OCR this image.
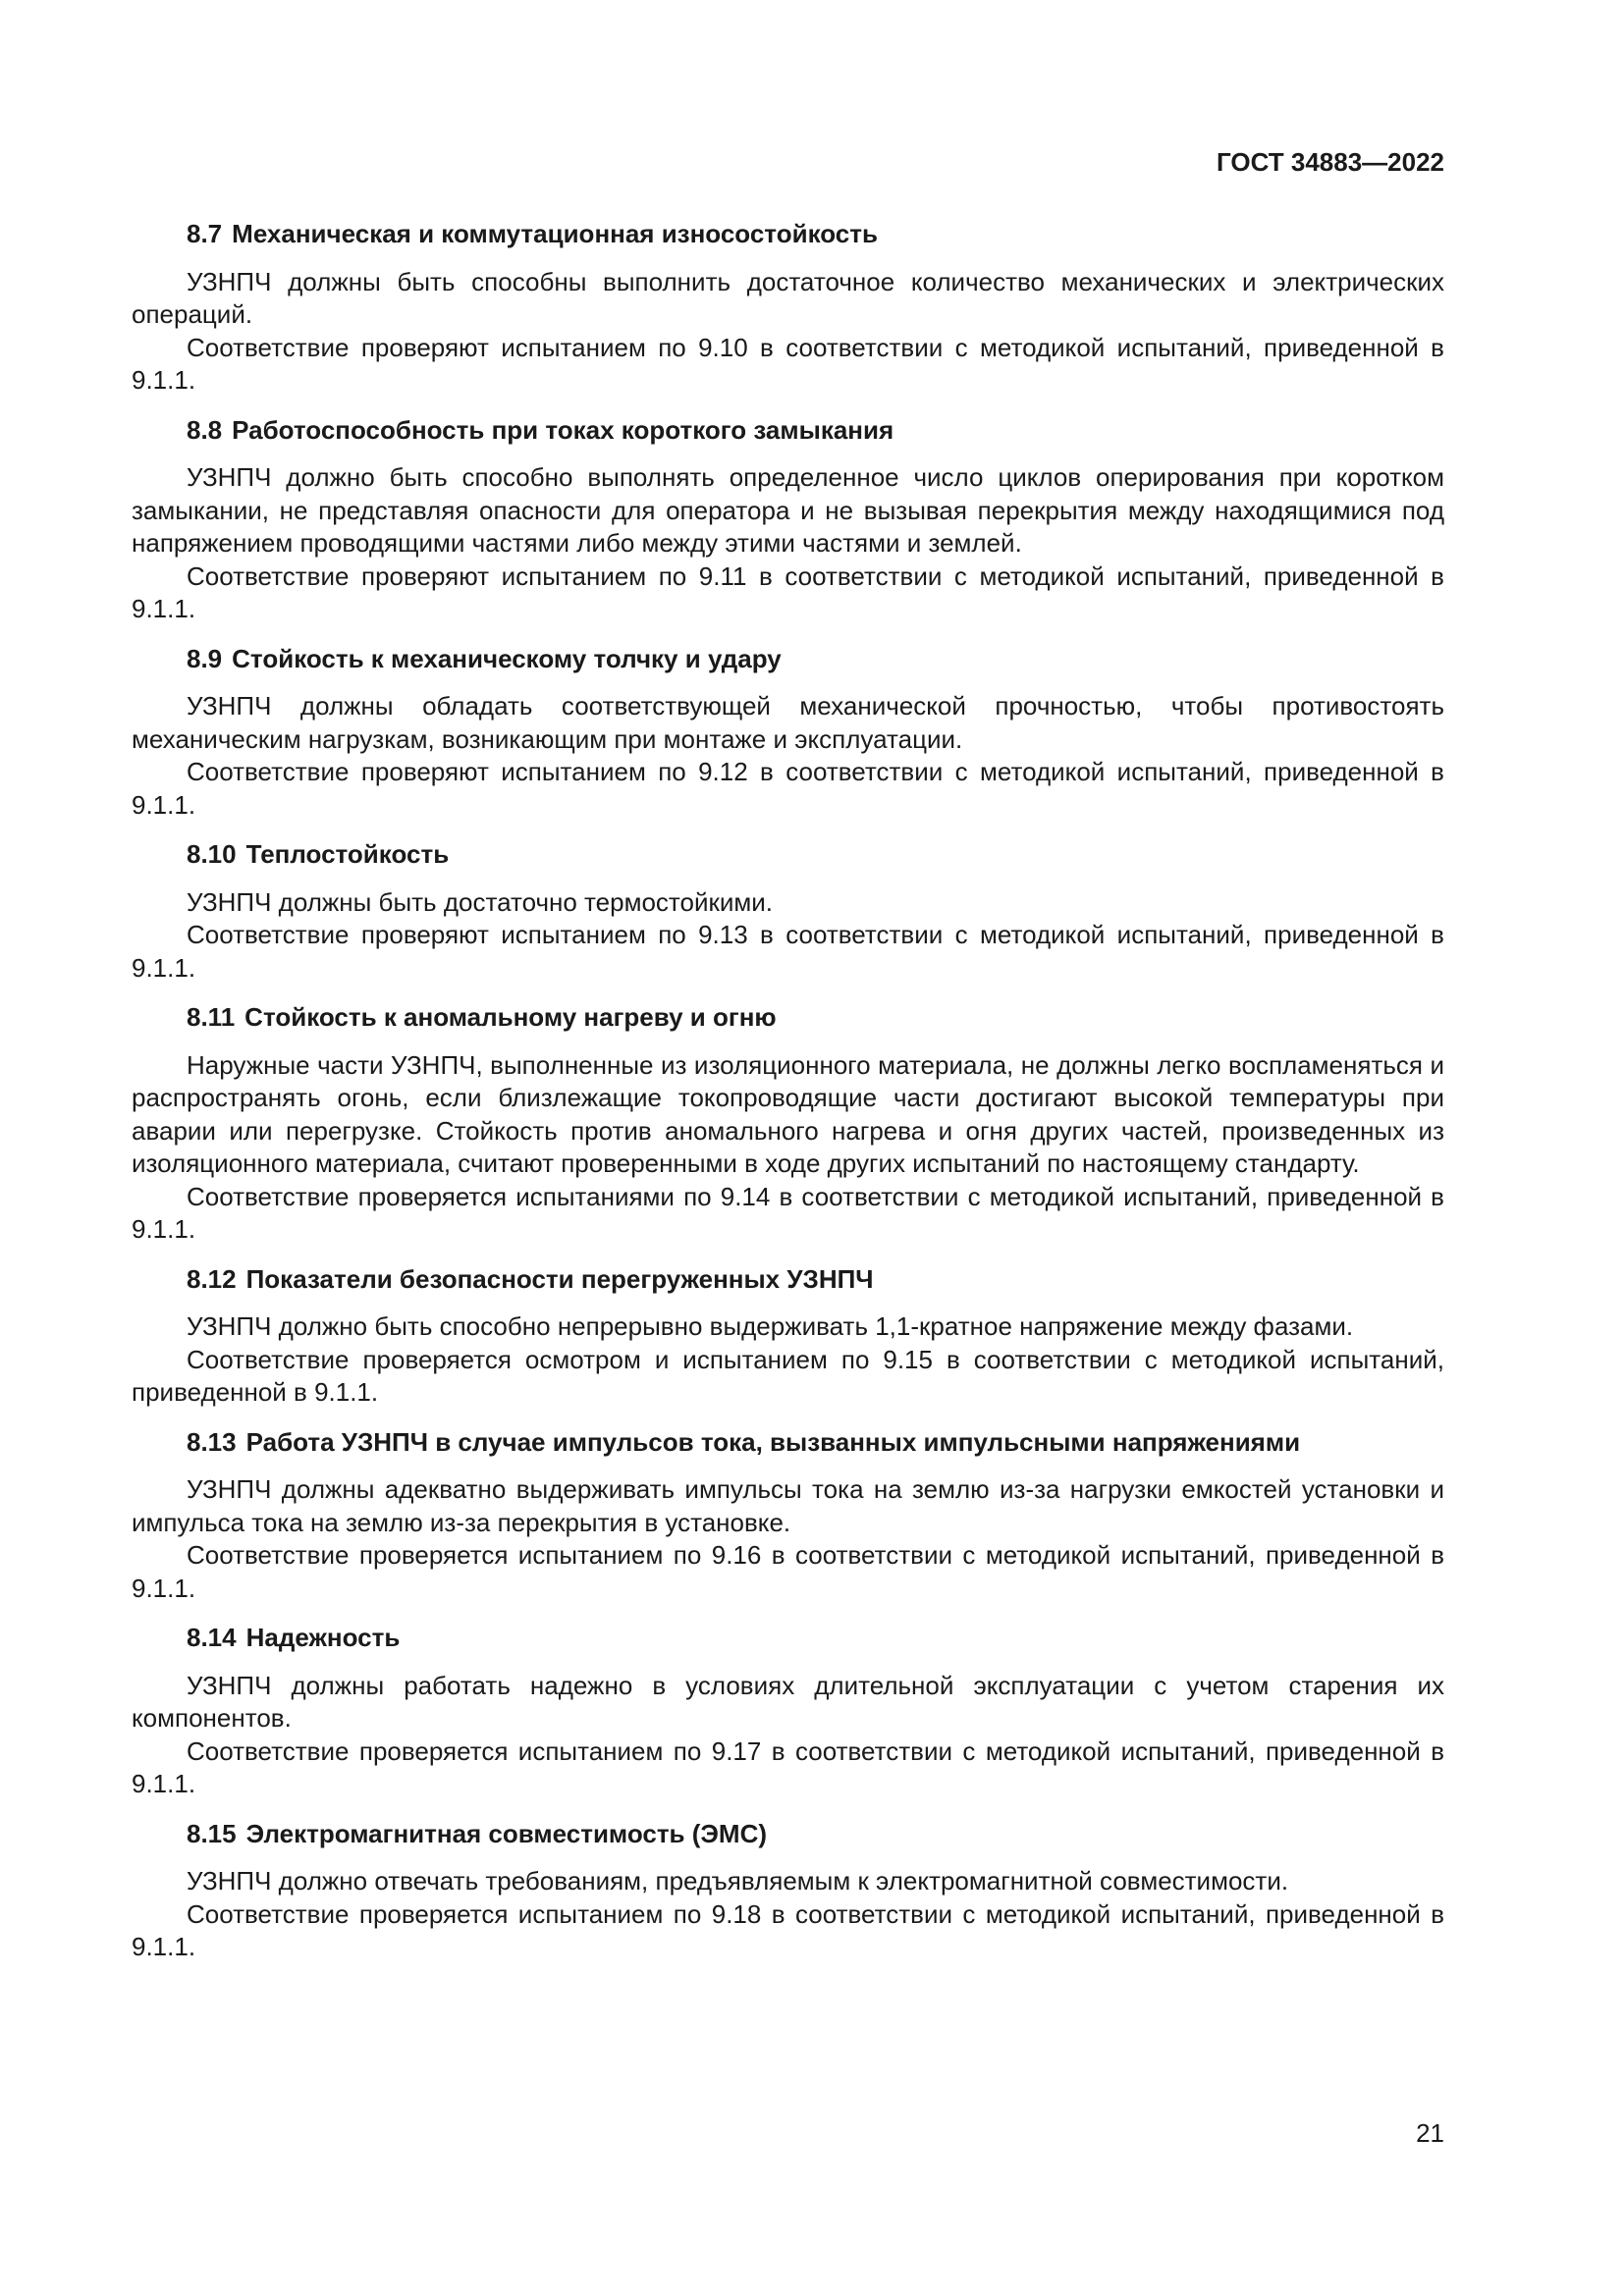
ГОСТ 34883—2022

8.7 Механическая и коммутационная износостойкость

УЗНПЧ должны быть способны выполнить достаточное количество механических и электрических операций.

Соответствие проверяют испытанием по 9.10 в соответствии с методикой испытаний, приведенной в 9.1.1.

8.8 Работоспособность при токах короткого замыкания

УЗНПЧ должно быть способно выполнять определенное число циклов оперирования при коротком замыкании, не представляя опасности для оператора и не вызывая перекрытия между находящимися под напряжением проводящими частями либо между этими частями и землей.

Соответствие проверяют испытанием по 9.11 в соответствии с методикой испытаний, приведенной в 9.1.1.

8.9 Стойкость к механическому толчку и удару

УЗНПЧ должны обладать соответствующей механической прочностью, чтобы противостоять механическим нагрузкам, возникающим при монтаже и эксплуатации.

Соответствие проверяют испытанием по 9.12 в соответствии с методикой испытаний, приведенной в 9.1.1.

8.10 Теплостойкость

УЗНПЧ должны быть достаточно термостойкими.

Соответствие проверяют испытанием по 9.13 в соответствии с методикой испытаний, приведенной в 9.1.1.

8.11 Стойкость к аномальному нагреву и огню

Наружные части УЗНПЧ, выполненные из изоляционного материала, не должны легко воспламеняться и распространять огонь, если близлежащие токопроводящие части достигают высокой температуры при аварии или перегрузке. Стойкость против аномального нагрева и огня других частей, произведенных из изоляционного материала, считают проверенными в ходе других испытаний по настоящему стандарту.

Соответствие проверяется испытаниями по 9.14 в соответствии с методикой испытаний, приведенной в 9.1.1.

8.12 Показатели безопасности перегруженных УЗНПЧ

УЗНПЧ должно быть способно непрерывно выдерживать 1,1-кратное напряжение между фазами.

Соответствие проверяется осмотром и испытанием по 9.15 в соответствии с методикой испытаний, приведенной в 9.1.1.

8.13 Работа УЗНПЧ в случае импульсов тока, вызванных импульсными напряжениями

УЗНПЧ должны адекватно выдерживать импульсы тока на землю из-за нагрузки емкостей установки и импульса тока на землю из-за перекрытия в установке.

Соответствие проверяется испытанием по 9.16 в соответствии с методикой испытаний, приведенной в 9.1.1.

8.14 Надежность

УЗНПЧ должны работать надежно в условиях длительной эксплуатации с учетом старения их компонентов.

Соответствие проверяется испытанием по 9.17 в соответствии с методикой испытаний, приведенной в 9.1.1.

8.15 Электромагнитная совместимость (ЭМС)

УЗНПЧ должно отвечать требованиям, предъявляемым к электромагнитной совместимости.

Соответствие проверяется испытанием по 9.18 в соответствии с методикой испытаний, приведенной в 9.1.1.

21
